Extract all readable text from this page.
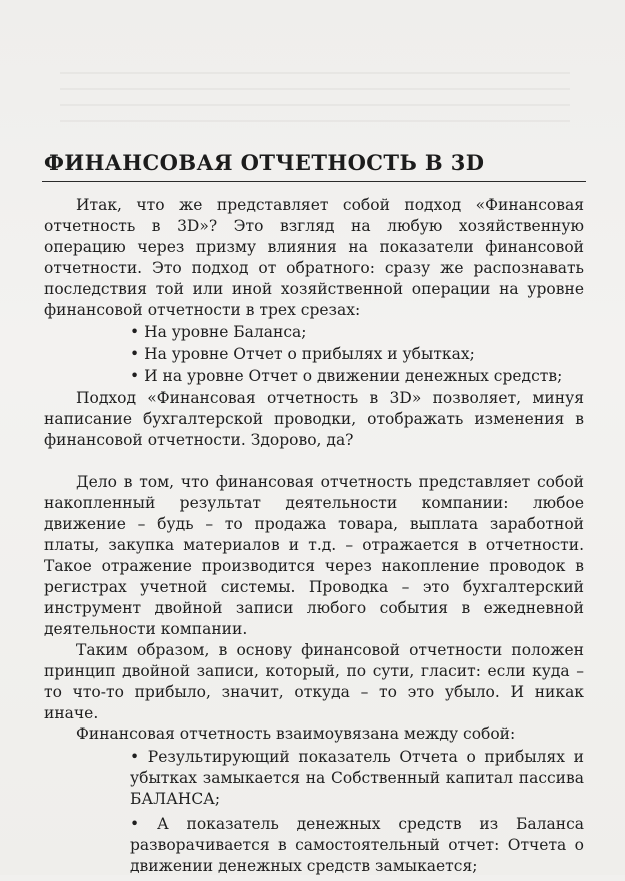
ФИНАНСОВАЯ ОТЧЕТНОСТЬ В 3D

Итак, что же представляет собой подход «Финансовая отчетность в 3D»? Это взгляд на любую хозяйственную операцию через призму влияния на показатели финансовой отчетности. Это подход от обратного: сразу же распознавать последствия той или иной хозяйственной операции на уровне финансовой отчетности в трех срезах:

• На уровне Баланса;
• На уровне Отчет о прибылях и убытках;
• И на уровне Отчет о движении денежных средств;

Подход «Финансовая отчетность в 3D» позволяет, минуя написание бухгалтерской проводки, отображать изменения в финансовой отчетности. Здорово, да?

Дело в том, что финансовая отчетность представляет собой накопленный результат деятельности компании: любое движение – будь – то продажа товара, выплата заработной платы, закупка материалов и т.д. – отражается в отчетности. Такое отражение производится через накопление проводок в регистрах учетной системы. Проводка – это бухгалтерский инструмент двойной записи любого события в ежедневной деятельности компании.

Таким образом, в основу финансовой отчетности положен принцип двойной записи, который, по сути, гласит: если куда – то что-то прибыло, значит, откуда – то это убыло. И никак иначе.

Финансовая отчетность взаимоувязана между собой:

• Результирующий показатель Отчета о прибылях и убытках замыкается на Собственный капитал пассива БАЛАНСА;
• А показатель денежных средств из Баланса разворачивается в самостоятельный отчет: Отчета о движении денежных средств замыкается;
